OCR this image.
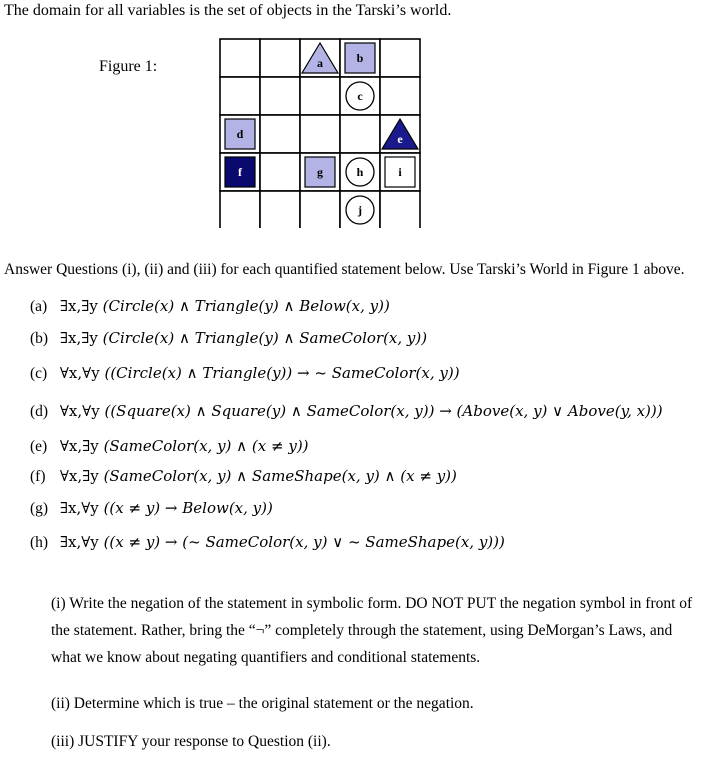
The domain for all variables is the set of objects in the Tarski’s world.
Figure 1:	a	b
c
d	e
f	g	h	i
j
Answer Questions (i), (ii) and (iii) for each quantified statement below. Use Tarski’s World in Figure 1 above.
(a) ∃x,∃y (Circle(x) ∧ Triangle(y) ∧ Below(x, y))
(b) ∃x,∃y (Circle(x) ∧ Triangle(y) ∧ SameColor(x, y))
(c) ∀x,∀y ((Circle(x) ∧ Triangle(y)) → ~ SameColor(x, y))
(d) ∀x,∀y ((Square(x) ∧ Square(y) ∧ SameColor(x, y)) → (Above(x, y) ∨ Above(y, x)))
(e) ∀x,∃y (SameColor(x, y) ∧ (x ≠ y))
(f) ∀x,∃y (SameColor(x, y) ∧ SameShape(x, y) ∧ (x ≠ y))
(g) ∃x,∀y ((x ≠ y) → Below(x, y))
(h) ∃x,∀y ((x ≠ y) → (~ SameColor(x, y) ∨ ~ SameShape(x, y)))
(i) Write the negation of the statement in symbolic form. DO NOT PUT the negation symbol in front of
the statement. Rather, bring the “¬” completely through the statement, using DeMorgan’s Laws, and
what we know about negating quantifiers and conditional statements.
(ii) Determine which is true – the original statement or the negation.
(iii) JUSTIFY your response to Question (ii).
